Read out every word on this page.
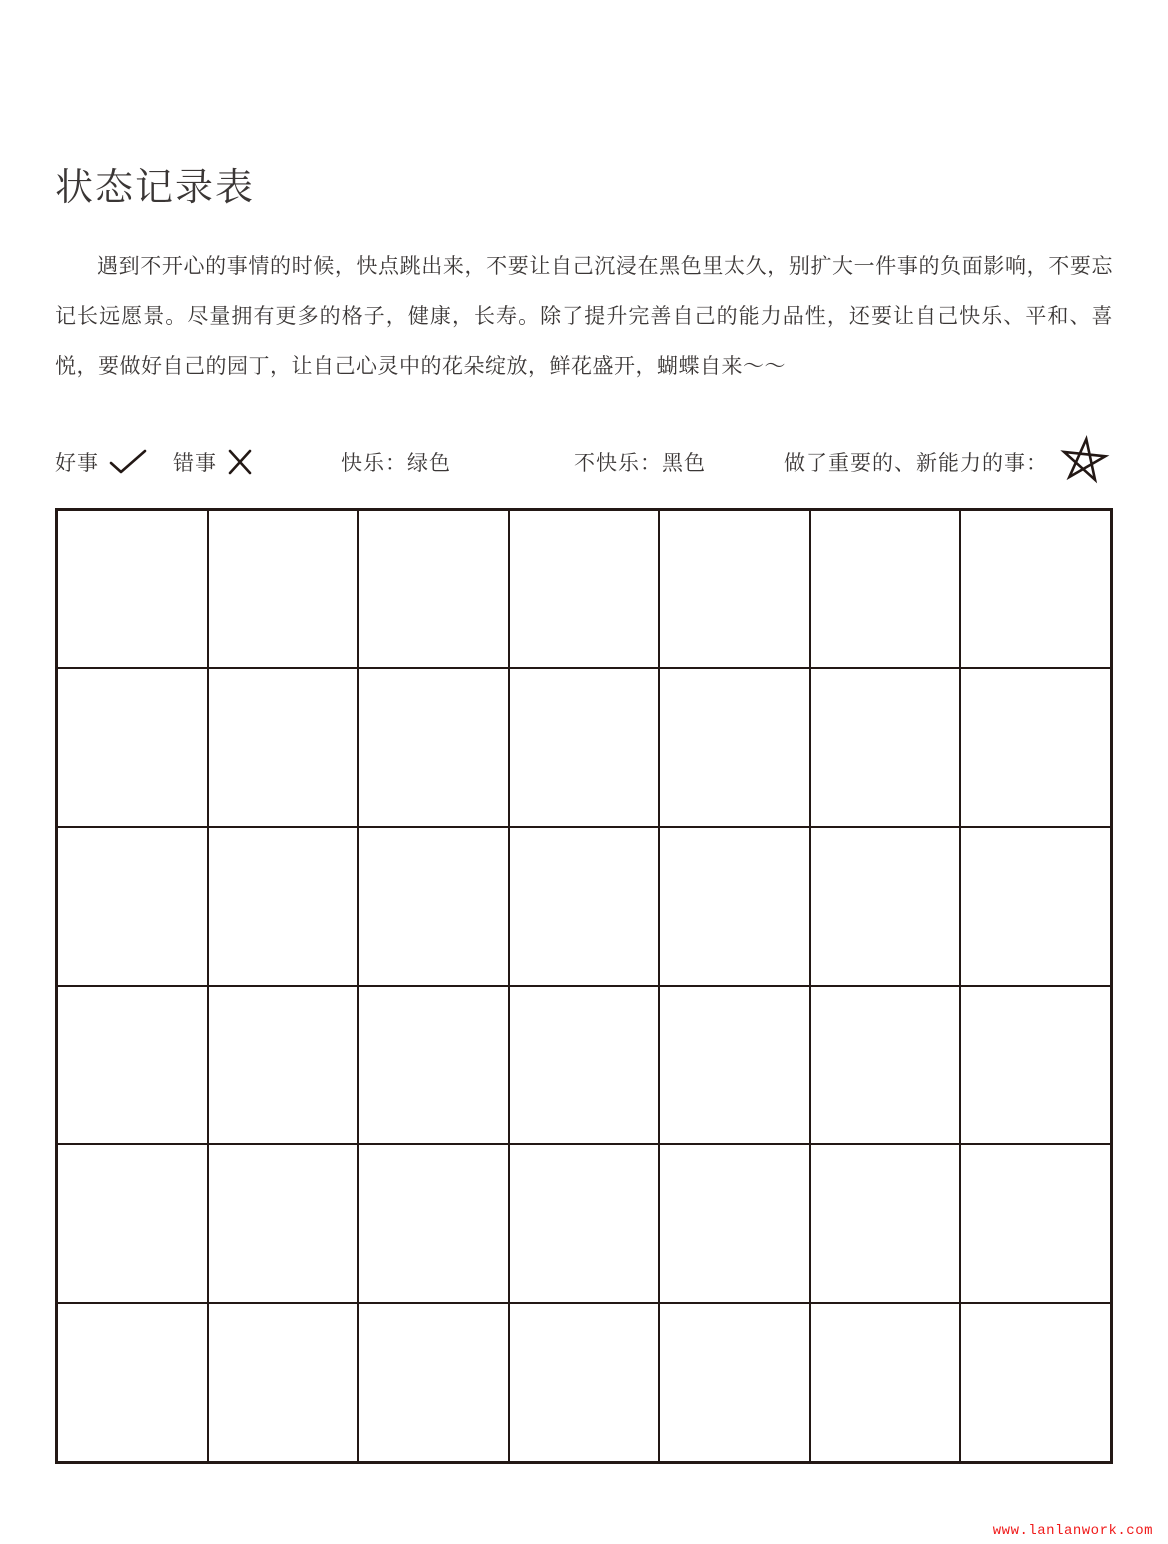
状态记录表

遇到不开心的事情的时候，快点跳出来，不要让自己沉浸在黑色里太久，别扩大一件事的负面影响，不要忘记长远愿景。尽量拥有更多的格子，健康，长寿。除了提升完善自己的能力品性，还要让自己快乐、平和、喜悦，要做好自己的园丁，让自己心灵中的花朵绽放，鲜花盛开，蝴蝶自来～～

好事	错事	快乐：绿色	不快乐：黑色	做了重要的、新能力的事：
www.lanlanwork.com
